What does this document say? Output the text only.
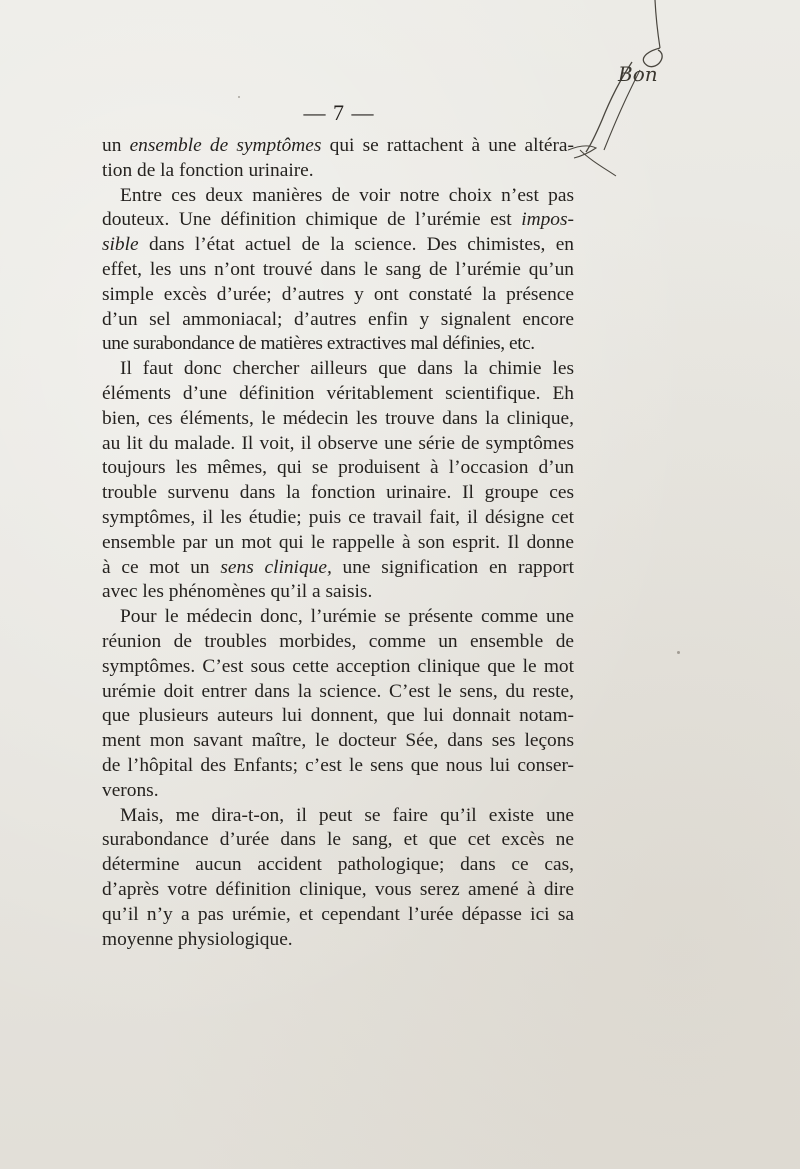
— 7 —
Bon
un ensemble de symptômes qui se rattachent à une altéra-
tion de la fonction urinaire.
Entre ces deux manières de voir notre choix n’est pas
douteux. Une définition chimique de l’urémie est impos-
sible dans l’état actuel de la science. Des chimistes, en
effet, les uns n’ont trouvé dans le sang de l’urémie qu’un
simple excès d’urée; d’autres y ont constaté la présence
d’un sel ammoniacal; d’autres enfin y signalent encore
une surabondance de matières extractives mal définies, etc.
Il faut donc chercher ailleurs que dans la chimie les
éléments d’une définition véritablement scientifique. Eh
bien, ces éléments, le médecin les trouve dans la clinique,
au lit du malade. Il voit, il observe une série de symptômes
toujours les mêmes, qui se produisent à l’occasion d’un
trouble survenu dans la fonction urinaire. Il groupe ces
symptômes, il les étudie; puis ce travail fait, il désigne cet
ensemble par un mot qui le rappelle à son esprit. Il donne
à ce mot un sens clinique, une signification en rapport
avec les phénomènes qu’il a saisis.
Pour le médecin donc, l’urémie se présente comme une
réunion de troubles morbides, comme un ensemble de
symptômes. C’est sous cette acception clinique que le mot
urémie doit entrer dans la science. C’est le sens, du reste,
que plusieurs auteurs lui donnent, que lui donnait notam-
ment mon savant maître, le docteur Sée, dans ses leçons
de l’hôpital des Enfants; c’est le sens que nous lui conser-
verons.
Mais, me dira-t-on, il peut se faire qu’il existe une
surabondance d’urée dans le sang, et que cet excès ne
détermine aucun accident pathologique; dans ce cas,
d’après votre définition clinique, vous serez amené à dire
qu’il n’y a pas urémie, et cependant l’urée dépasse ici sa
moyenne physiologique.
